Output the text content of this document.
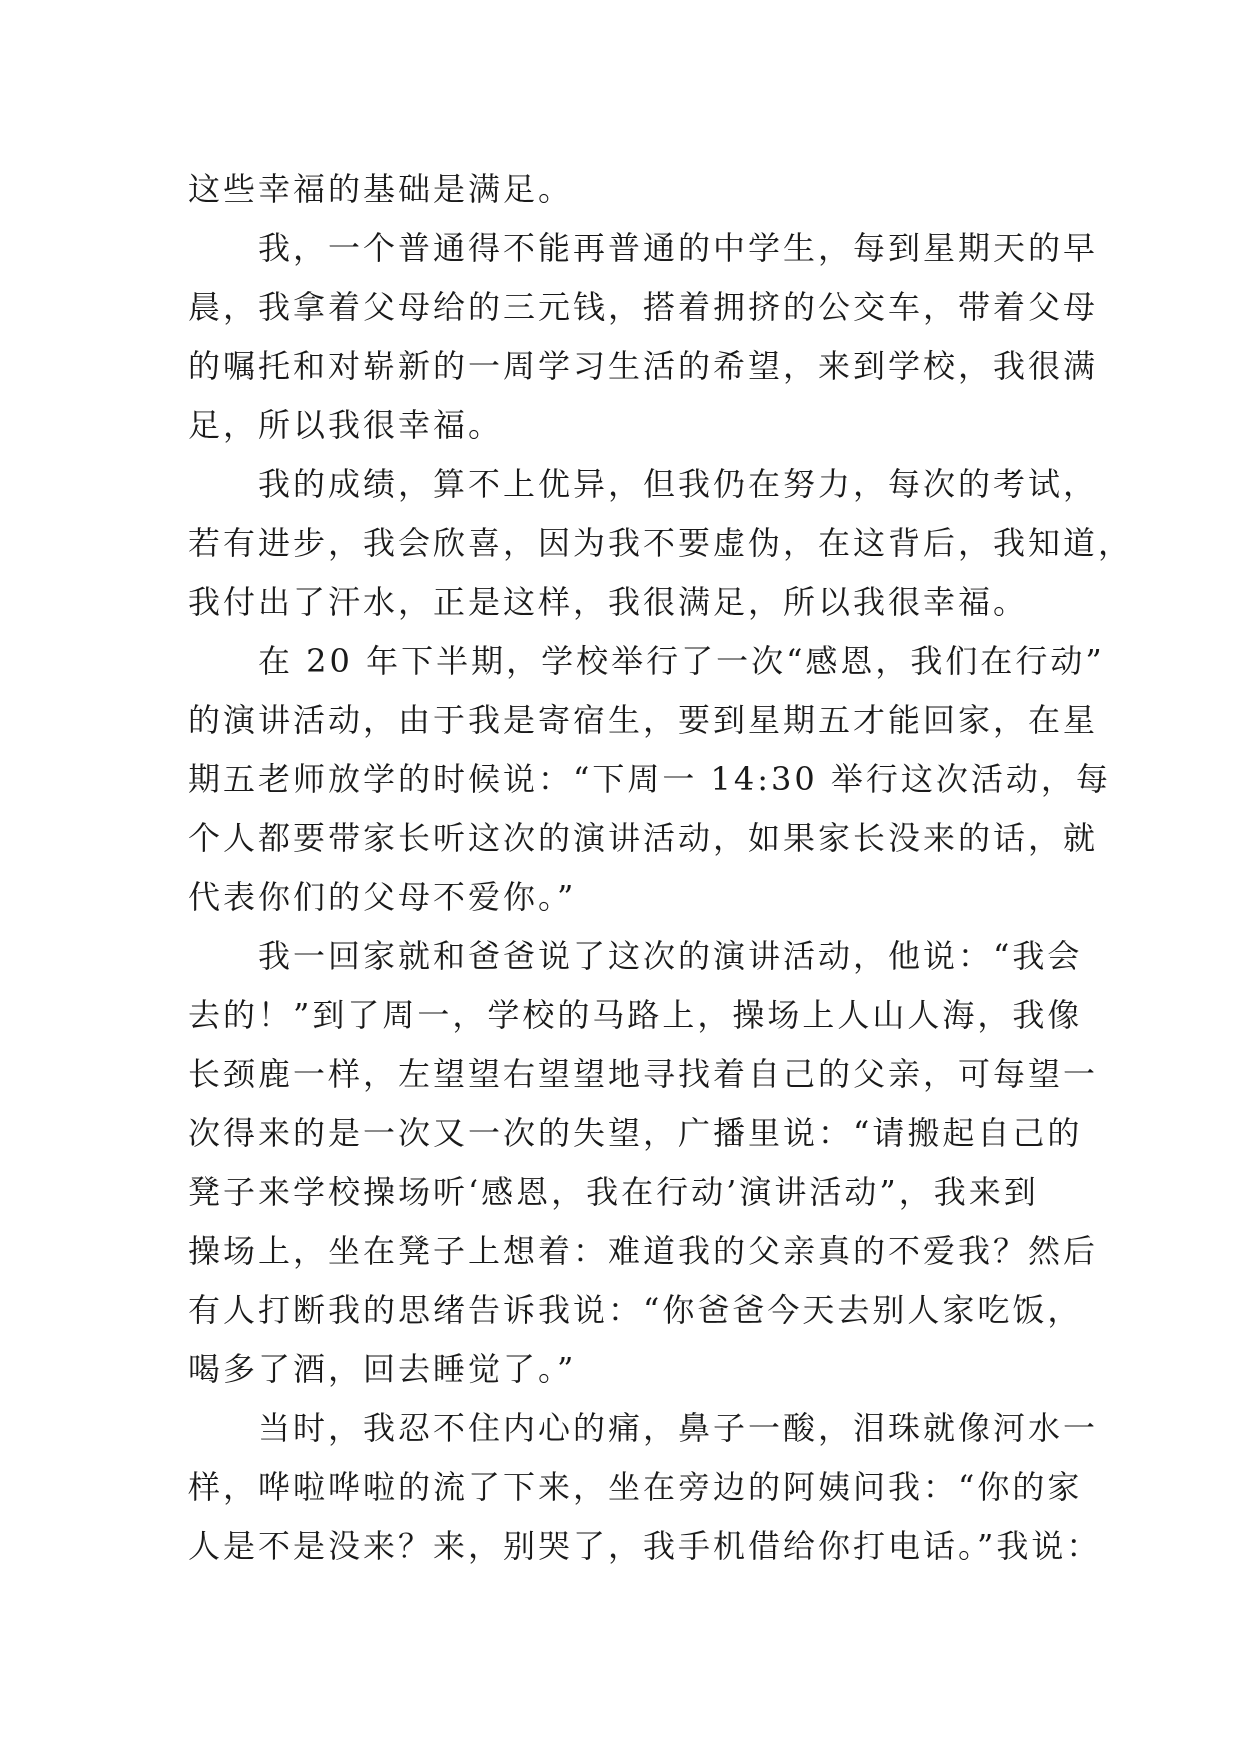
这些幸福的基础是满足。
我，一个普通得不能再普通的中学生，每到星期天的早
晨，我拿着父母给的三元钱，搭着拥挤的公交车，带着父母
的嘱托和对崭新的一周学习生活的希望，来到学校，我很满
足，所以我很幸福。
我的成绩，算不上优异，但我仍在努力，每次的考试，
若有进步，我会欣喜，因为我不要虚伪，在这背后，我知道，
我付出了汗水，正是这样，我很满足，所以我很幸福。
在 20 年下半期，学校举行了一次“感恩，我们在行动”
的演讲活动，由于我是寄宿生，要到星期五才能回家，在星
期五老师放学的时候说：“下周一 14:30 举行这次活动，每
个人都要带家长听这次的演讲活动，如果家长没来的话，就
代表你们的父母不爱你。”
我一回家就和爸爸说了这次的演讲活动，他说：“我会
去的！”到了周一，学校的马路上，操场上人山人海，我像
长颈鹿一样，左望望右望望地寻找着自己的父亲，可每望一
次得来的是一次又一次的失望，广播里说：“请搬起自己的
凳子来学校操场听‘感恩，我在行动’演讲活动”，我来到
操场上，坐在凳子上想着：难道我的父亲真的不爱我？然后
有人打断我的思绪告诉我说：“你爸爸今天去别人家吃饭，
喝多了酒，回去睡觉了。”
当时，我忍不住内心的痛，鼻子一酸，泪珠就像河水一
样，哗啦哗啦的流了下来，坐在旁边的阿姨问我：“你的家
人是不是没来？来，别哭了，我手机借给你打电话。”我说：
